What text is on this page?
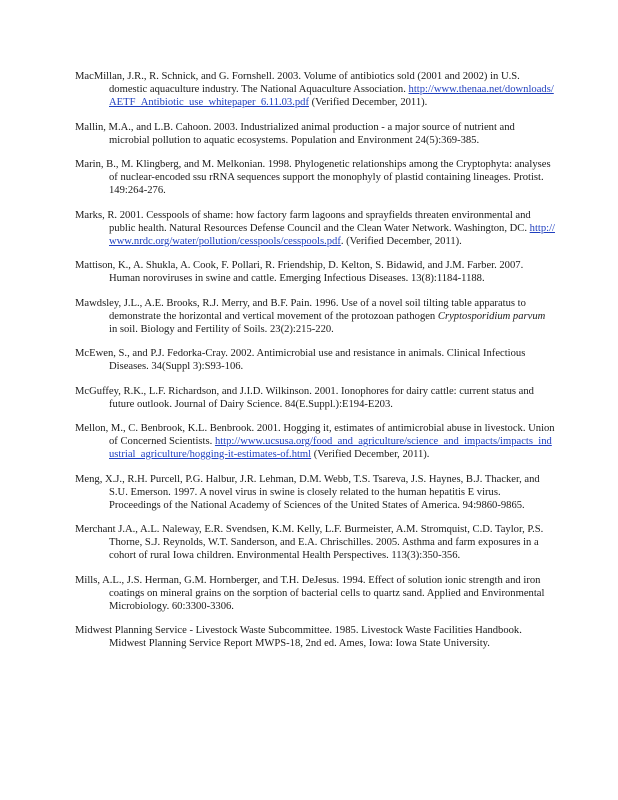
MacMillan, J.R., R. Schnick, and G. Fornshell. 2003. Volume of antibiotics sold (2001 and 2002) in U.S. domestic aquaculture industry. The National Aquaculture Association. http://www.thenaa.net/downloads/AETF_Antibiotic_use_whitepaper_6.11.03.pdf (Verified December, 2011).

Mallin, M.A., and L.B. Cahoon. 2003. Industrialized animal production - a major source of nutrient and microbial pollution to aquatic ecosystems. Population and Environment 24(5):369-385.

Marin, B., M. Klingberg, and M. Melkonian. 1998. Phylogenetic relationships among the Cryptophyta: analyses of nuclear-encoded ssu rRNA sequences support the monophyly of plastid containing lineages. Protist. 149:264-276.

Marks, R. 2001. Cesspools of shame: how factory farm lagoons and sprayfields threaten environmental and public health. Natural Resources Defense Council and the Clean Water Network. Washington, DC. http://www.nrdc.org/water/pollution/cesspools/cesspools.pdf. (Verified December, 2011).

Mattison, K., A. Shukla, A. Cook, F. Pollari, R. Friendship, D. Kelton, S. Bidawid, and J.M. Farber. 2007. Human noroviruses in swine and cattle. Emerging Infectious Diseases. 13(8):1184-1188.

Mawdsley, J.L., A.E. Brooks, R.J. Merry, and B.F. Pain. 1996. Use of a novel soil tilting table apparatus to demonstrate the horizontal and vertical movement of the protozoan pathogen Cryptosporidium parvum in soil. Biology and Fertility of Soils. 23(2):215-220.

McEwen, S., and P.J. Fedorka-Cray. 2002. Antimicrobial use and resistance in animals. Clinical Infectious Diseases. 34(Suppl 3):S93-106.

McGuffey, R.K., L.F. Richardson, and J.I.D. Wilkinson. 2001. Ionophores for dairy cattle: current status and future outlook. Journal of Dairy Science. 84(E.Suppl.):E194-E203.

Mellon, M., C. Benbrook, K.L. Benbrook. 2001. Hogging it, estimates of antimicrobial abuse in livestock. Union of Concerned Scientists. http://www.ucsusa.org/food_and_agriculture/science_and_impacts/impacts_industrial_agriculture/hogging-it-estimates-of.html (Verified December, 2011).

Meng, X.J., R.H. Purcell, P.G. Halbur, J.R. Lehman, D.M. Webb, T.S. Tsareva, J.S. Haynes, B.J. Thacker, and S.U. Emerson. 1997. A novel virus in swine is closely related to the human hepatitis E virus. Proceedings of the National Academy of Sciences of the United States of America. 94:9860-9865.

Merchant J.A., A.L. Naleway, E.R. Svendsen, K.M. Kelly, L.F. Burmeister, A.M. Stromquist, C.D. Taylor, P.S. Thorne, S.J. Reynolds, W.T. Sanderson, and E.A. Chrischilles. 2005. Asthma and farm exposures in a cohort of rural Iowa children. Environmental Health Perspectives. 113(3):350-356.

Mills, A.L., J.S. Herman, G.M. Hornberger, and T.H. DeJesus. 1994. Effect of solution ionic strength and iron coatings on mineral grains on the sorption of bacterial cells to quartz sand. Applied and Environmental Microbiology. 60:3300-3306.

Midwest Planning Service - Livestock Waste Subcommittee. 1985. Livestock Waste Facilities Handbook. Midwest Planning Service Report MWPS-18, 2nd ed. Ames, Iowa: Iowa State University.
